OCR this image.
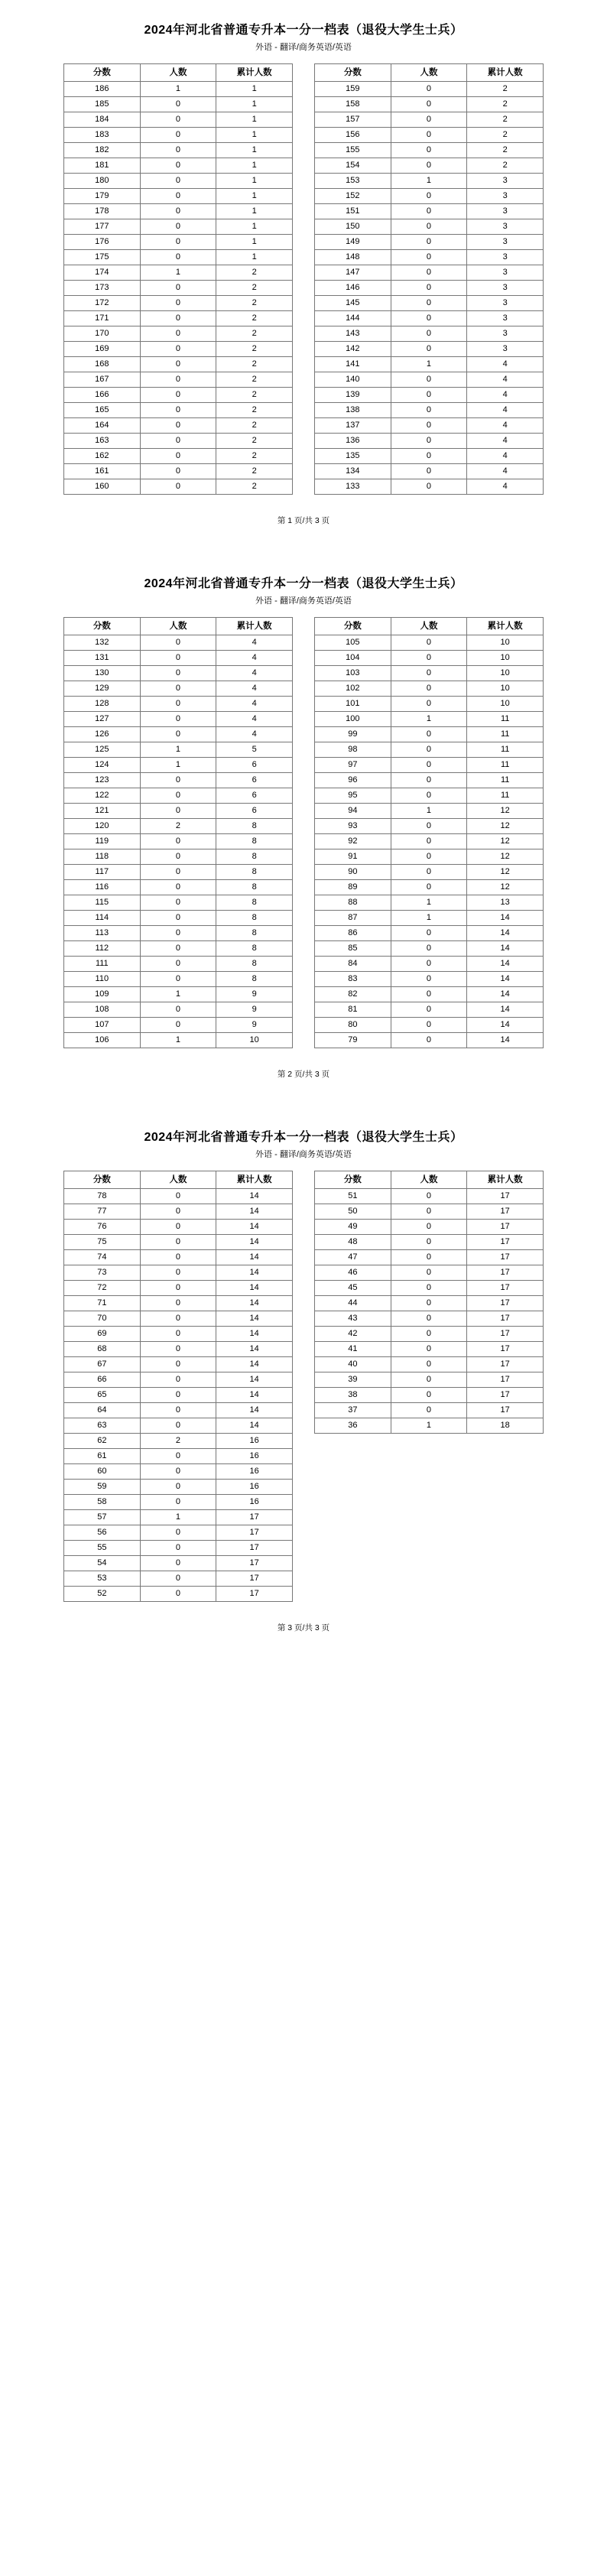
2024年河北省普通专升本一分一档表（退役大学生士兵）
外语 - 翻译/商务英语/英语
分数	人数	累计人数
186	1	1
185	0	1
184	0	1
183	0	1
182	0	1
181	0	1
180	0	1
179	0	1
178	0	1
177	0	1
176	0	1
175	0	1
174	1	2
173	0	2
172	0	2
171	0	2
170	0	2
169	0	2
168	0	2
167	0	2
166	0	2
165	0	2
164	0	2
163	0	2
162	0	2
161	0	2
160	0	2
分数	人数	累计人数
159	0	2
158	0	2
157	0	2
156	0	2
155	0	2
154	0	2
153	1	3
152	0	3
151	0	3
150	0	3
149	0	3
148	0	3
147	0	3
146	0	3
145	0	3
144	0	3
143	0	3
142	0	3
141	1	4
140	0	4
139	0	4
138	0	4
137	0	4
136	0	4
135	0	4
134	0	4
133	0	4
第 1 页/共 3 页
2024年河北省普通专升本一分一档表（退役大学生士兵）
外语 - 翻译/商务英语/英语
分数	人数	累计人数
132	0	4
131	0	4
130	0	4
129	0	4
128	0	4
127	0	4
126	0	4
125	1	5
124	1	6
123	0	6
122	0	6
121	0	6
120	2	8
119	0	8
118	0	8
117	0	8
116	0	8
115	0	8
114	0	8
113	0	8
112	0	8
111	0	8
110	0	8
109	1	9
108	0	9
107	0	9
106	1	10
分数	人数	累计人数
105	0	10
104	0	10
103	0	10
102	0	10
101	0	10
100	1	11
99	0	11
98	0	11
97	0	11
96	0	11
95	0	11
94	1	12
93	0	12
92	0	12
91	0	12
90	0	12
89	0	12
88	1	13
87	1	14
86	0	14
85	0	14
84	0	14
83	0	14
82	0	14
81	0	14
80	0	14
79	0	14
第 2 页/共 3 页
2024年河北省普通专升本一分一档表（退役大学生士兵）
外语 - 翻译/商务英语/英语
分数	人数	累计人数
78	0	14
77	0	14
76	0	14
75	0	14
74	0	14
73	0	14
72	0	14
71	0	14
70	0	14
69	0	14
68	0	14
67	0	14
66	0	14
65	0	14
64	0	14
63	0	14
62	2	16
61	0	16
60	0	16
59	0	16
58	0	16
57	1	17
56	0	17
55	0	17
54	0	17
53	0	17
52	0	17
分数	人数	累计人数
51	0	17
50	0	17
49	0	17
48	0	17
47	0	17
46	0	17
45	0	17
44	0	17
43	0	17
42	0	17
41	0	17
40	0	17
39	0	17
38	0	17
37	0	17
36	1	18
第 3 页/共 3 页
